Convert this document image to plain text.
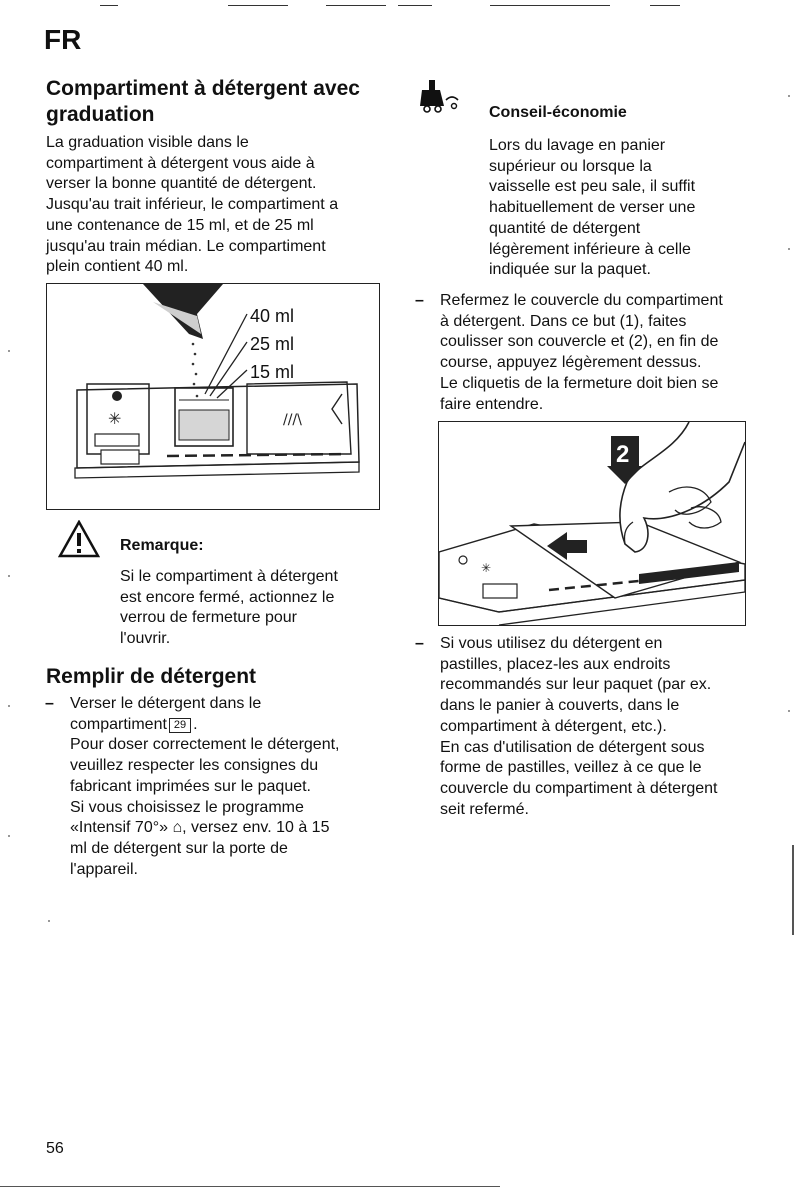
FR
Compartiment à détergent avec graduation

La graduation visible dans le

compartiment à détergent vous aide à

verser la bonne quantité de détergent.

Jusqu'au trait inférieur, le compartiment a

une contenance de 15 ml, et de 25 ml

jusqu'au train médian. Le compartiment

plein contient 40 ml.

40 ml
25 ml
15 ml
✳	///\
Remarque:

Si le compartiment à détergent

est encore fermé, actionnez le

verrou de fermeture pour

l'ouvrir.

Remplir de détergent
– Verser le détergent dans le

compartiment 29 .

Pour doser correctement le détergent,

veuillez respecter les consignes du

fabricant imprimées sur le paquet.

Si vous choisissez le programme

«Intensif 70°» ⌂, versez env. 10 à 15

ml de détergent sur la porte de

l'appareil.

Conseil-économie

Lors du lavage en panier

supérieur ou lorsque la

vaisselle est peu sale, il suffit

habituellement de verser une

quantité de détergent

légèrement inférieure à celle

indiquée sur la paquet.

– Refermez le couvercle du compartiment

à détergent. Dans ce but (1), faites

coulisser son couvercle et (2), en fin de

course, appuyez légèrement dessus.

Le cliquetis de la fermeture doit bien se

faire entendre.

✳
2
– Si vous utilisez du détergent en

pastilles, placez-les aux endroits

recommandés sur leur paquet (par ex.

dans le panier à couverts, dans le

compartiment à détergent, etc.).

En cas d'utilisation de détergent sous

forme de pastilles, veillez à ce que le

couvercle du compartiment à détergent

seit refermé.

56
